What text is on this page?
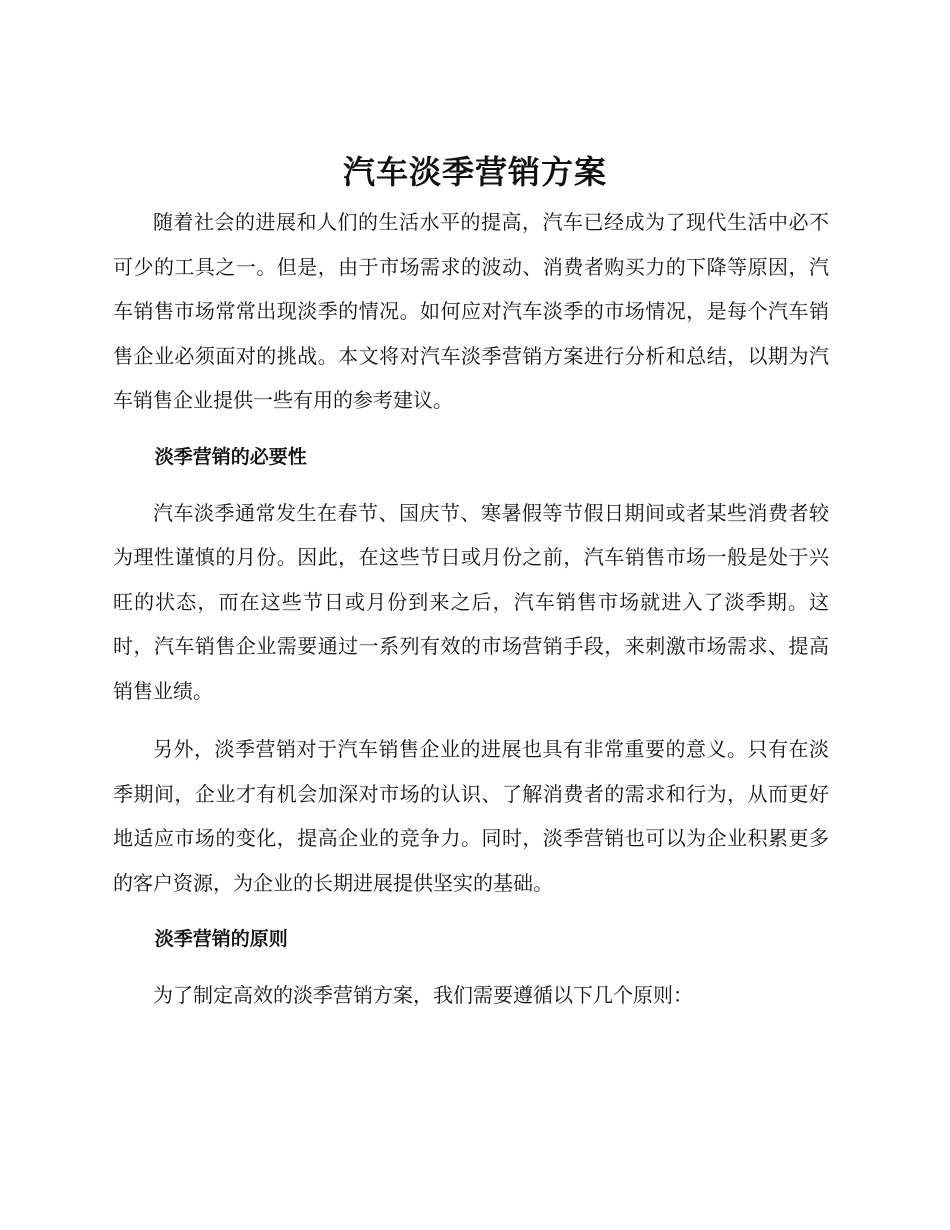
汽车淡季营销方案

随着社会的进展和人们的生活水平的提高，汽车已经成为了现代生活中必不可少的工具之一。但是，由于市场需求的波动、消费者购买力的下降等原因，汽车销售市场常常出现淡季的情况。如何应对汽车淡季的市场情况，是每个汽车销售企业必须面对的挑战。本文将对汽车淡季营销方案进行分析和总结，以期为汽车销售企业提供一些有用的参考建议。

淡季营销的必要性

汽车淡季通常发生在春节、国庆节、寒暑假等节假日期间或者某些消费者较为理性谨慎的月份。因此，在这些节日或月份之前，汽车销售市场一般是处于兴旺的状态，而在这些节日或月份到来之后，汽车销售市场就进入了淡季期。这时，汽车销售企业需要通过一系列有效的市场营销手段，来刺激市场需求、提高销售业绩。

另外，淡季营销对于汽车销售企业的进展也具有非常重要的意义。只有在淡季期间，企业才有机会加深对市场的认识、了解消费者的需求和行为，从而更好地适应市场的变化，提高企业的竞争力。同时，淡季营销也可以为企业积累更多的客户资源，为企业的长期进展提供坚实的基础。

淡季营销的原则

为了制定高效的淡季营销方案，我们需要遵循以下几个原则：
